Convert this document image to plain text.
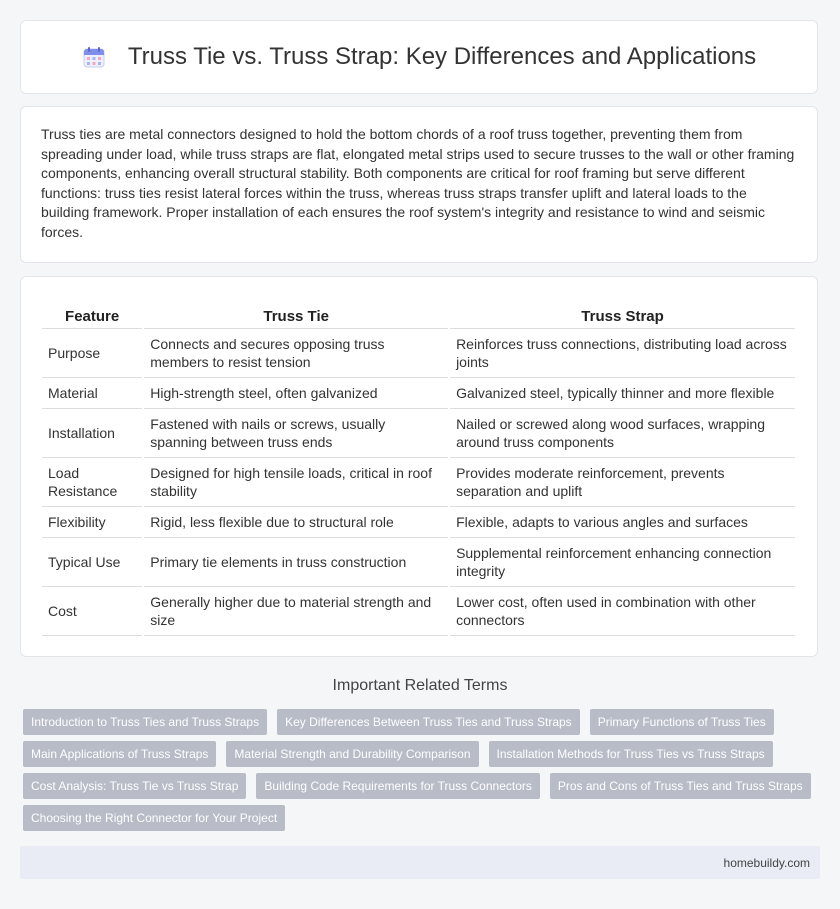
Truss Tie vs. Truss Strap: Key Differences and Applications

Truss ties are metal connectors designed to hold the bottom chords of a roof truss together, preventing them from spreading under load, while truss straps are flat, elongated metal strips used to secure trusses to the wall or other framing components, enhancing overall structural stability. Both components are critical for roof framing but serve different functions: truss ties resist lateral forces within the truss, whereas truss straps transfer uplift and lateral loads to the building framework. Proper installation of each ensures the roof system's integrity and resistance to wind and seismic forces.

Feature	Truss Tie	Truss Strap
Purpose	Connects and secures opposing truss members to resist tension	Reinforces truss connections, distributing load across joints
Material	High-strength steel, often galvanized	Galvanized steel, typically thinner and more flexible
Installation	Fastened with nails or screws, usually spanning between truss ends	Nailed or screwed along wood surfaces, wrapping around truss components
Load Resistance	Designed for high tensile loads, critical in roof stability	Provides moderate reinforcement, prevents separation and uplift
Flexibility	Rigid, less flexible due to structural role	Flexible, adapts to various angles and surfaces
Typical Use	Primary tie elements in truss construction	Supplemental reinforcement enhancing connection integrity
Cost	Generally higher due to material strength and size	Lower cost, often used in combination with other connectors
Important Related Terms
Introduction to Truss Ties and Truss Straps	Key Differences Between Truss Ties and Truss Straps	Primary Functions of Truss Ties
Main Applications of Truss Straps	Material Strength and Durability Comparison	Installation Methods for Truss Ties vs Truss Straps
Cost Analysis: Truss Tie vs Truss Strap	Building Code Requirements for Truss Connectors	Pros and Cons of Truss Ties and Truss Straps
Choosing the Right Connector for Your Project
homebuildy.com
